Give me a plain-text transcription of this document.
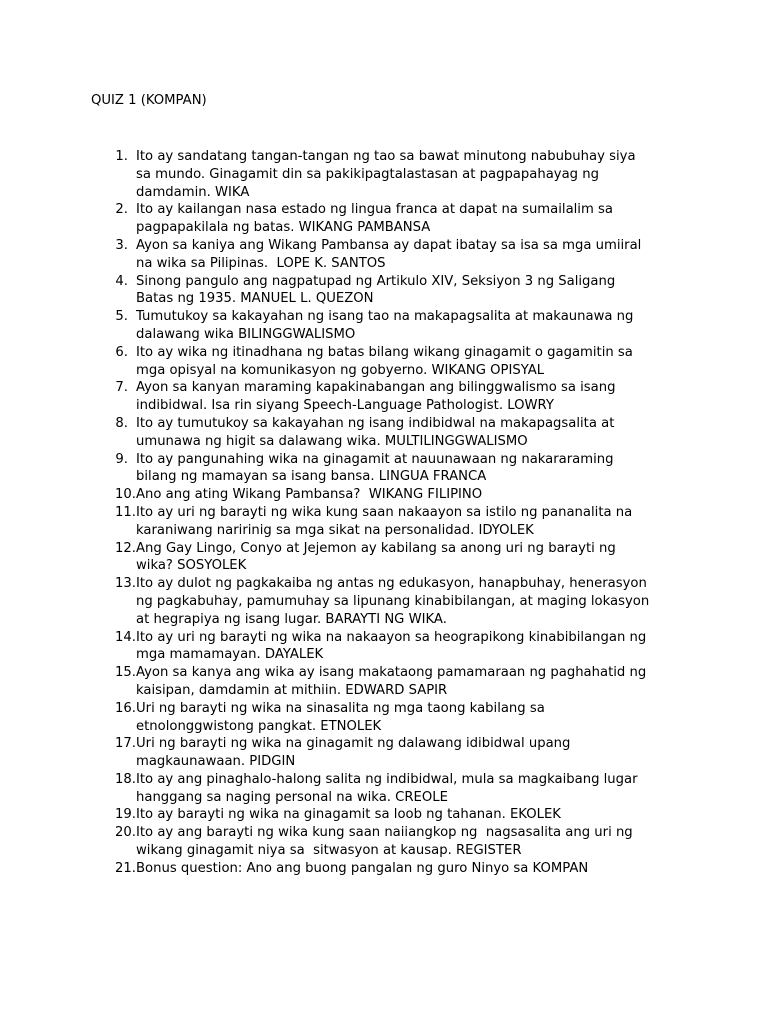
QUIZ 1 (KOMPAN)
1. Ito ay sandatang tangan-tangan ng tao sa bawat minutong nabubuhay siya
sa mundo. Ginagamit din sa pakikipagtalastasan at pagpapahayag ng
damdamin. WIKA
2. Ito ay kailangan nasa estado ng lingua franca at dapat na sumailalim sa
pagpapakilala ng batas. WIKANG PAMBANSA
3. Ayon sa kaniya ang Wikang Pambansa ay dapat ibatay sa isa sa mga umiiral
na wika sa Pilipinas.  LOPE K. SANTOS
4. Sinong pangulo ang nagpatupad ng Artikulo XIV, Seksiyon 3 ng Saligang
Batas ng 1935. MANUEL L. QUEZON
5. Tumutukoy sa kakayahan ng isang tao na makapagsalita at makaunawa ng
dalawang wika BILINGGWALISMO
6. Ito ay wika ng itinadhana ng batas bilang wikang ginagamit o gagamitin sa
mga opisyal na komunikasyon ng gobyerno. WIKANG OPISYAL
7. Ayon sa kanyan maraming kapakinabangan ang bilinggwalismo sa isang
indibidwal. Isa rin siyang Speech-Language Pathologist. LOWRY
8. Ito ay tumutukoy sa kakayahan ng isang indibidwal na makapagsalita at
umunawa ng higit sa dalawang wika. MULTILINGGWALISMO
9. Ito ay pangunahing wika na ginagamit at nauunawaan ng nakararaming
bilang ng mamayan sa isang bansa. LINGUA FRANCA
10. Ano ang ating Wikang Pambansa?  WIKANG FILIPINO
11. Ito ay uri ng barayti ng wika kung saan nakaayon sa istilo ng pananalita na
karaniwang naririnig sa mga sikat na personalidad. IDYOLEK
12. Ang Gay Lingo, Conyo at Jejemon ay kabilang sa anong uri ng barayti ng
wika? SOSYOLEK
13. Ito ay dulot ng pagkakaiba ng antas ng edukasyon, hanapbuhay, henerasyon
ng pagkabuhay, pamumuhay sa lipunang kinabibilangan, at maging lokasyon
at hegrapiya ng isang lugar. BARAYTI NG WIKA.
14. Ito ay uri ng barayti ng wika na nakaayon sa heograpikong kinabibilangan ng
mga mamamayan. DAYALEK
15. Ayon sa kanya ang wika ay isang makataong pamamaraan ng paghahatid ng
kaisipan, damdamin at mithiin. EDWARD SAPIR
16. Uri ng barayti ng wika na sinasalita ng mga taong kabilang sa
etnolonggwistong pangkat. ETNOLEK
17. Uri ng barayti ng wika na ginagamit ng dalawang idibidwal upang
magkaunawaan. PIDGIN
18. Ito ay ang pinaghalo-halong salita ng indibidwal, mula sa magkaibang lugar
hanggang sa naging personal na wika. CREOLE
19. Ito ay barayti ng wika na ginagamit sa loob ng tahanan. EKOLEK
20. Ito ay ang barayti ng wika kung saan naiiangkop ng  nagsasalita ang uri ng
wikang ginagamit niya sa  sitwasyon at kausap. REGISTER
21. Bonus question: Ano ang buong pangalan ng guro Ninyo sa KOMPAN
